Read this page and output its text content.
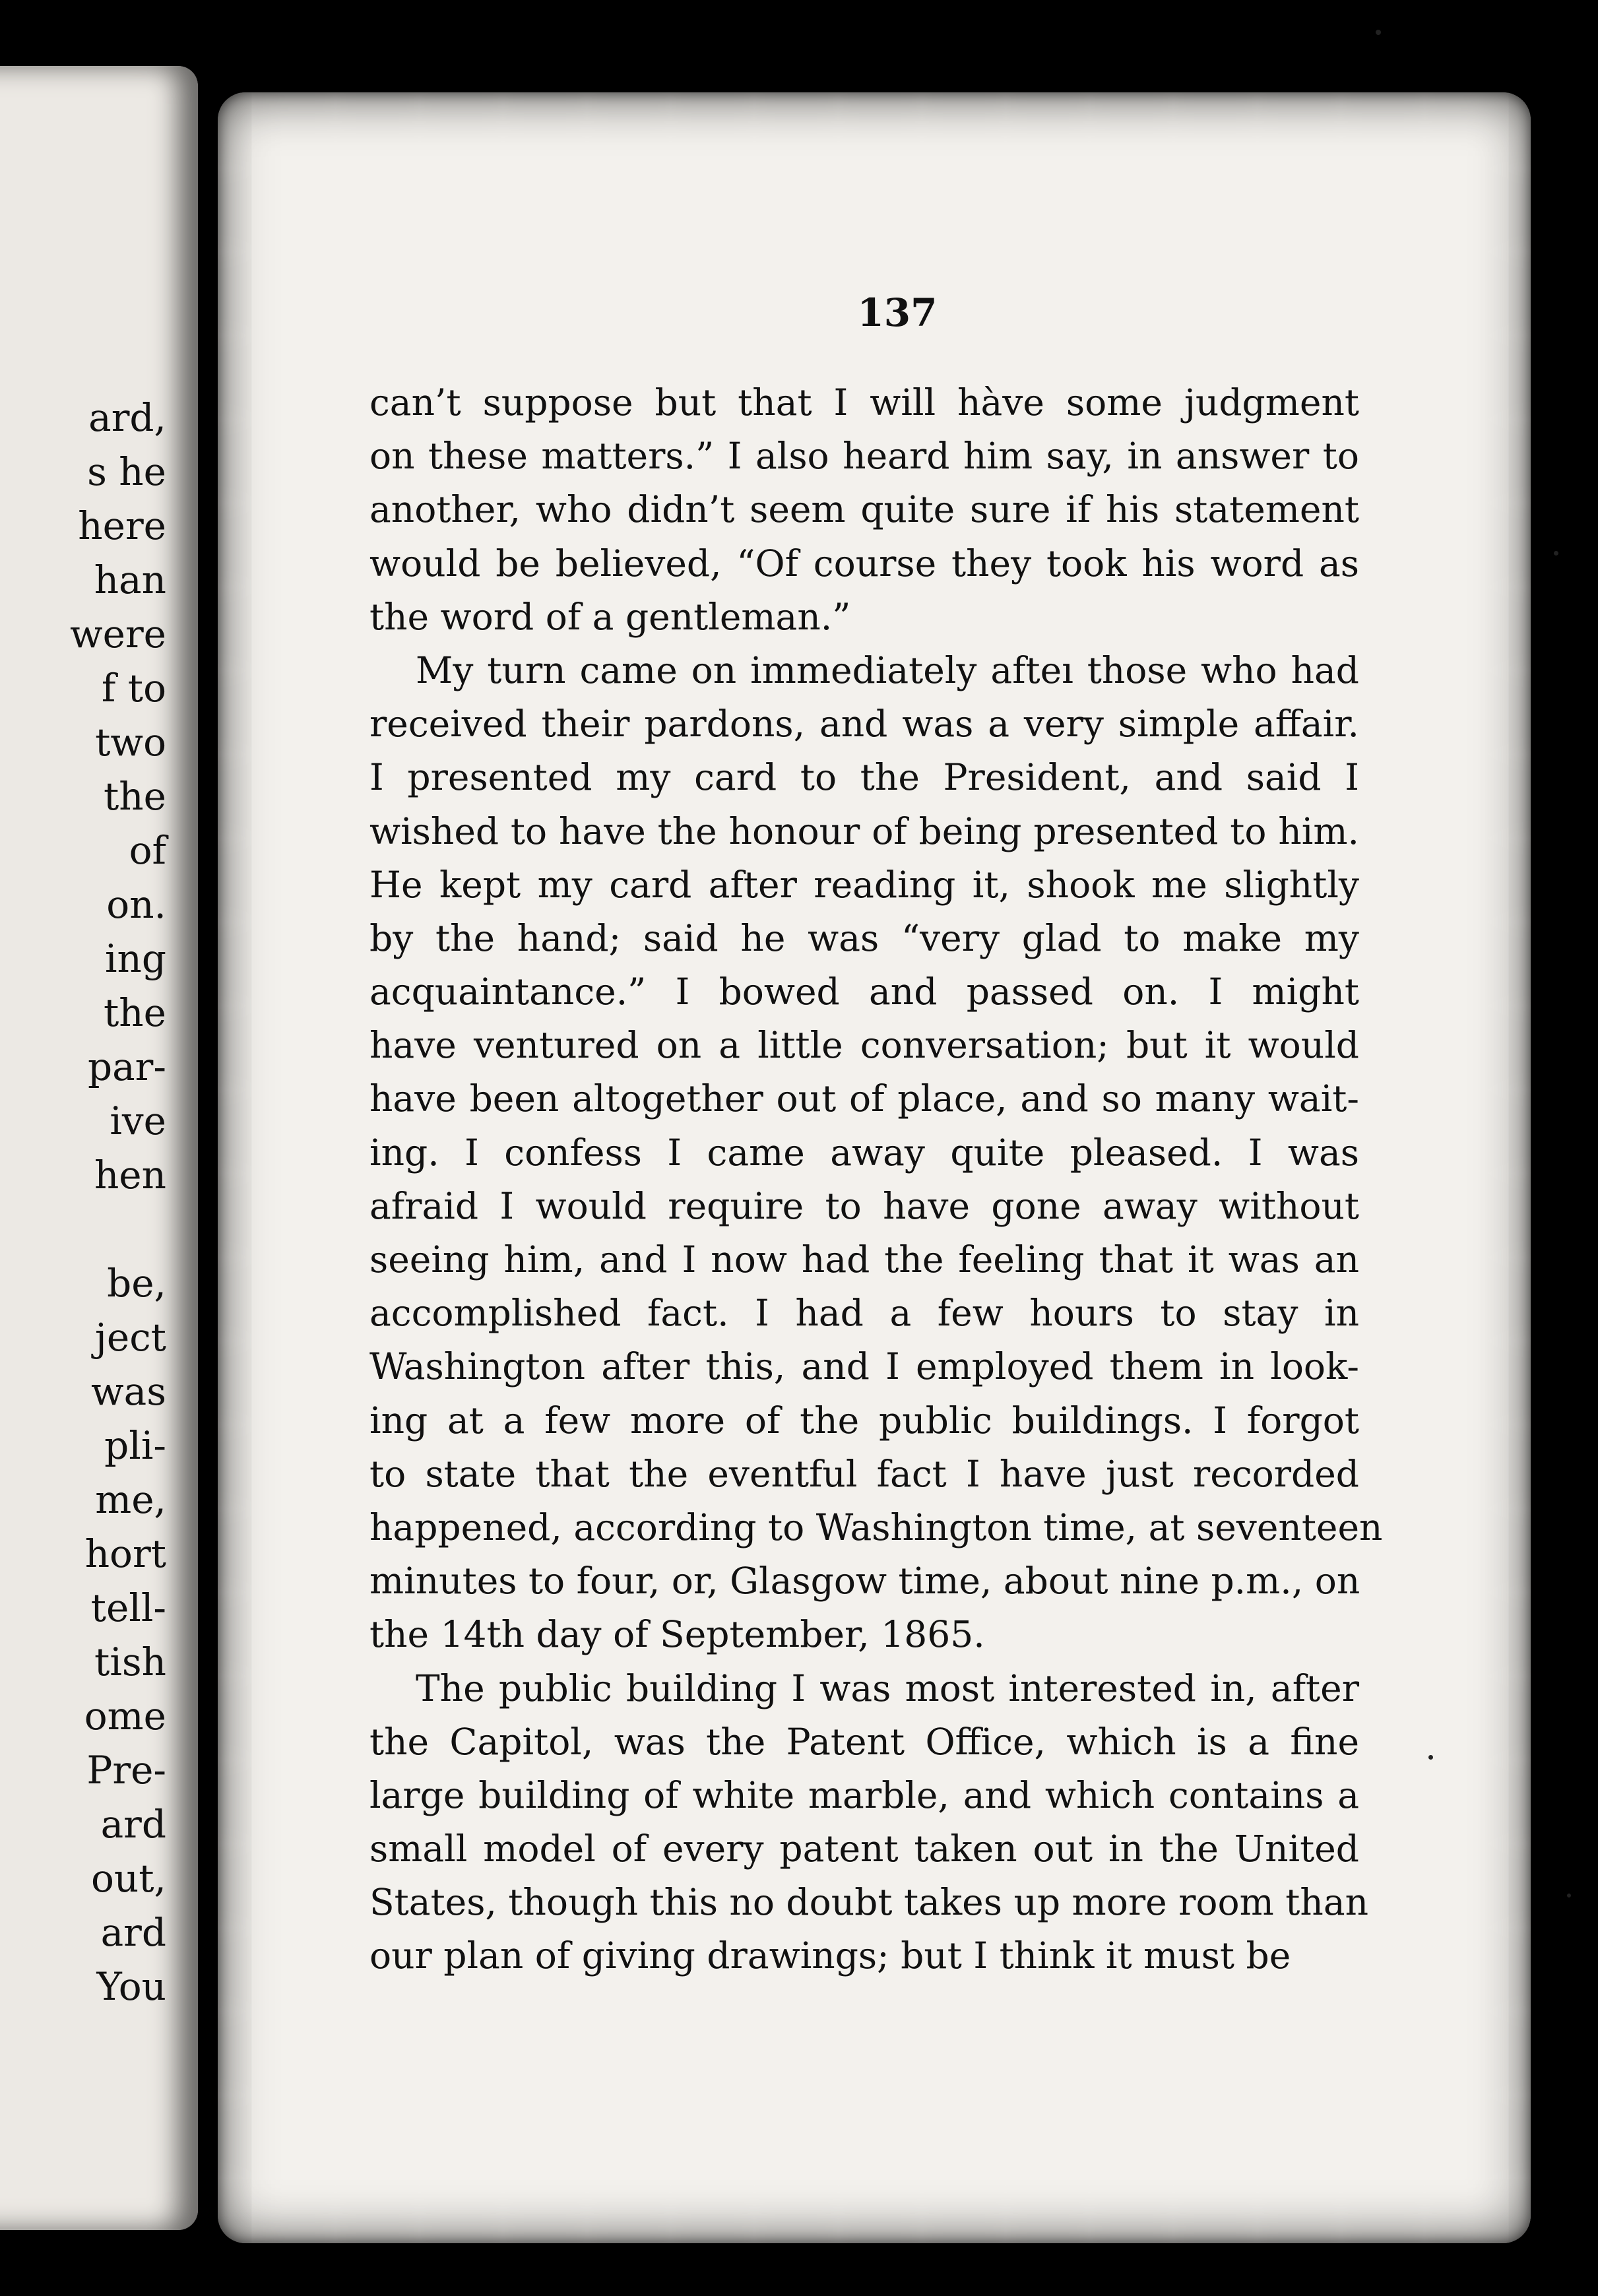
ard,
s he
here
han
were
f to
two
the
of
on.
ing
the
par-
ive
hen
be,
ject
was
pli-
me,
hort
tell-
tish
ome
Pre-
ard
out,
ard
You

137

can’t suppose but that I will hàve some judgment
on these matters.” I also heard him say, in answer to
another, who didn’t seem quite sure if his statement
would be believed, “Of course they took his word as
the word of a gentleman.”
My turn came on immediately afteı those who had
received their pardons, and was a very simple affair.
I presented my card to the President, and said I
wished to have the honour of being presented to him.
He kept my card after reading it, shook me slightly
by the hand; said he was “very glad to make my
acquaintance.” I bowed and passed on. I might
have ventured on a little conversation; but it would
have been altogether out of place, and so many wait-
ing. I confess I came away quite pleased. I was
afraid I would require to have gone away without
seeing him, and I now had the feeling that it was an
accomplished fact. I had a few hours to stay in
Washington after this, and I employed them in look-
ing at a few more of the public buildings. I forgot
to state that the eventful fact I have just recorded
happened, according to Washington time, at seventeen
minutes to four, or, Glasgow time, about nine p.m., on
the 14th day of September, 1865.
The public building I was most interested in, after
the Capitol, was the Patent Office, which is a fine
large building of white marble, and which contains a
small model of every patent taken out in the United
States, though this no doubt takes up more room than
our plan of giving drawings; but I think it must be
